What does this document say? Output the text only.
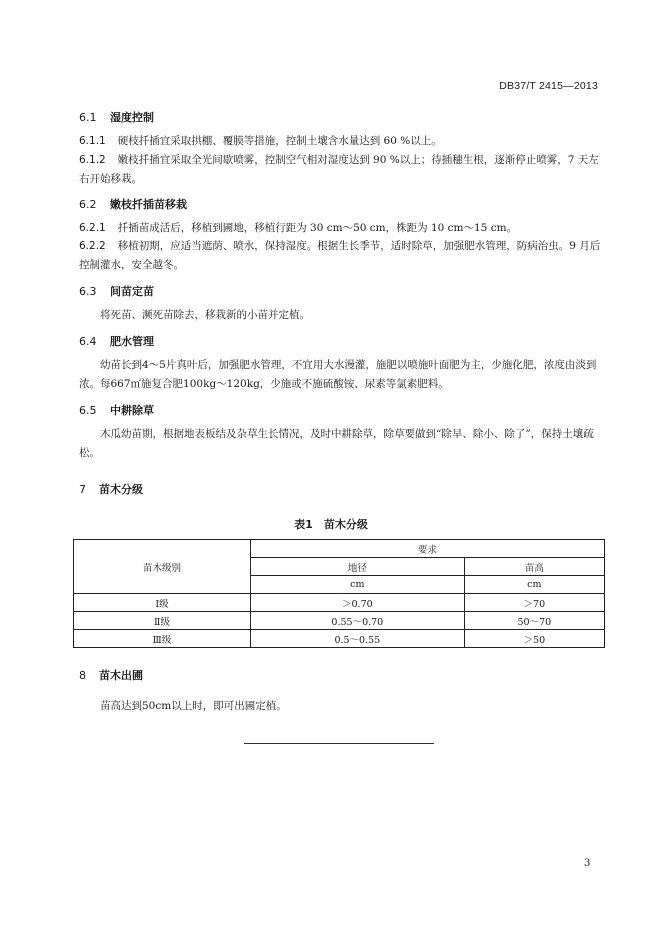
DB37/T 2415—2013
6.1 湿度控制
6.1.1 硬枝扦插宜采取拱棚、覆膜等措施，控制土壤含水量达到 60 %以上。
6.1.2 嫩枝扦插宜采取全光间歇喷雾，控制空气相对湿度达到 90 %以上；待插穗生根，逐渐停止喷雾，7 天左右开始移栽。
6.2 嫩枝扦插苗移栽
6.2.1 扦插苗成活后，移植到圃地，移植行距为 30 cm～50 cm，株距为 10 cm～15 cm。
6.2.2 移植初期，应适当遮荫、喷水，保持湿度。根据生长季节，适时除草，加强肥水管理，防病治虫。9 月后控制灌水，安全越冬。
6.3 间苗定苗
将死苗、濒死苗除去，移栽新的小苗并定植。
6.4 肥水管理
幼苗长到4～5片真叶后，加强肥水管理，不宜用大水漫灌，施肥以喷施叶面肥为主，少施化肥，浓度由淡到浓。每667㎡施复合肥100kg～120kg，少施或不施硫酸铵、尿素等氯素肥料。
6.5 中耕除草
木瓜幼苗期，根据地表板结及杂草生长情况，及时中耕除草，除草要做到“除早、除小、除了”，保持土壤疏松。
7 苗木分级
表1　苗木分级
苗木级别	要求	
	地径	苗高
	cm	cm
Ⅰ级	＞0.70	＞70
Ⅱ级	0.55～0.70	50～70
Ⅲ级	0.5～0.55	＞50
8 苗木出圃
苗高达到50cm以上时，即可出圃定植。
3
